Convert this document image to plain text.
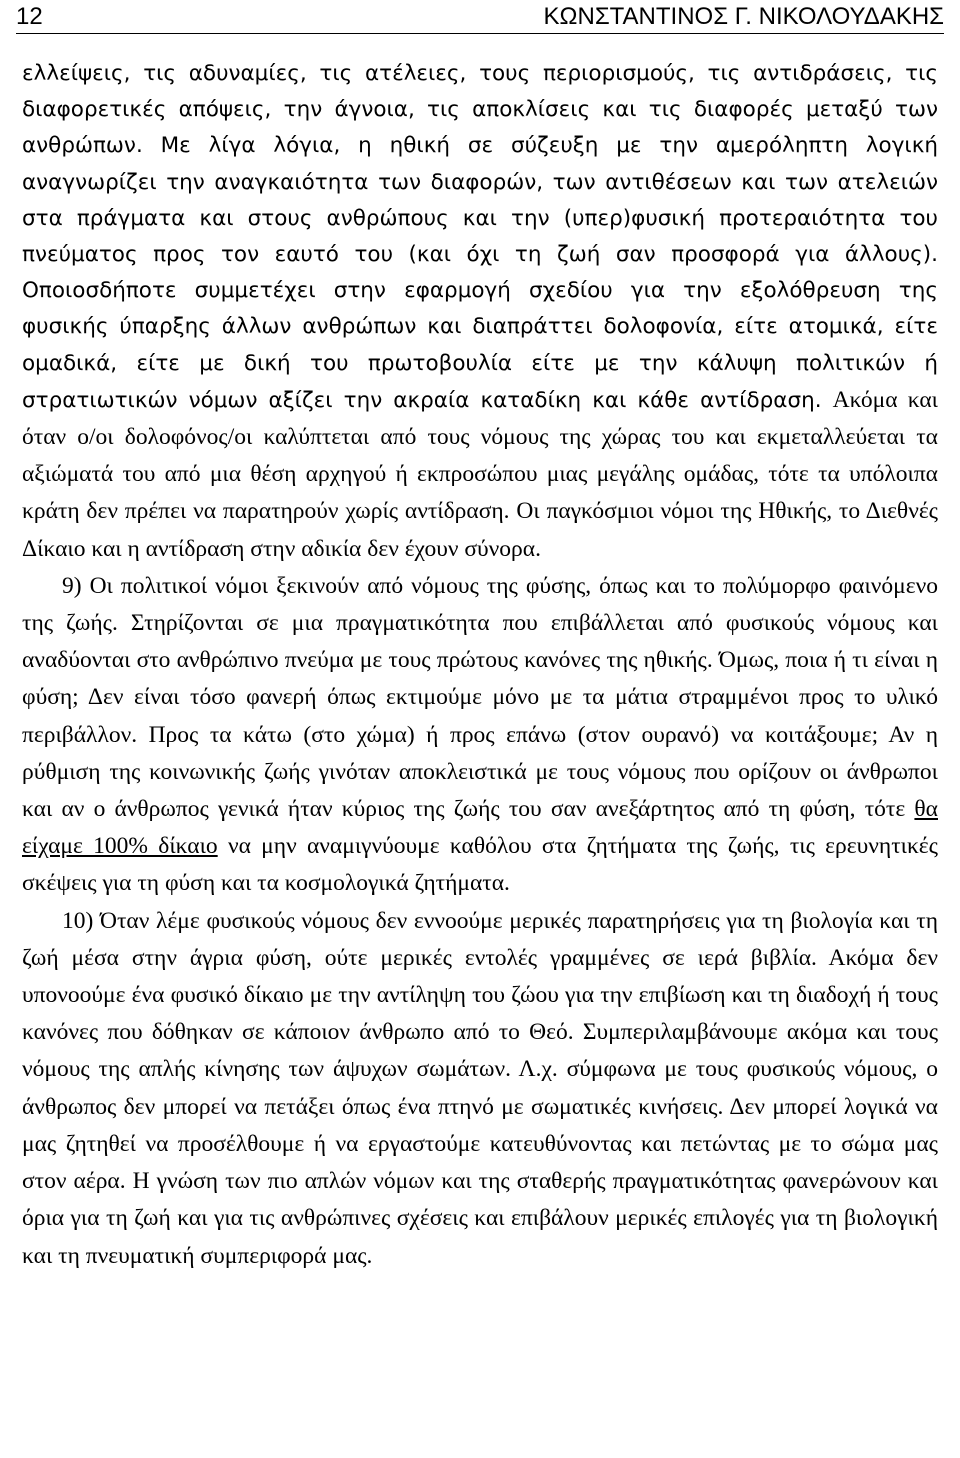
12	ΚΩΝΣΤΑΝΤΙΝΟΣ Γ. ΝΙΚΟΛΟΥΔΑΚΗΣ

ελλείψεις, τις αδυναμίες, τις ατέλειες, τους περιορισμούς, τις αντιδράσεις, τις διαφορετικές απόψεις, την άγνοια, τις αποκλίσεις και τις διαφορές μεταξύ των ανθρώπων. Με λίγα λόγια, η ηθική σε σύζευξη με την αμερόληπτη λογική αναγνωρίζει την αναγκαιότητα των διαφορών, των αντιθέσεων και των ατελειών στα πράγματα και στους ανθρώπους και την (υπερ)φυσική προτεραιότητα του πνεύματος προς τον εαυτό του (και όχι τη ζωή σαν προσφορά για άλλους). Οποιοσδήποτε συμμετέχει στην εφαρμογή σχεδίου για την εξολόθρευση της φυσικής ύπαρξης άλλων ανθρώπων και διαπράττει δολοφονία, είτε ατομικά, είτε ομαδικά, είτε με δική του πρωτοβουλία είτε με την κάλυψη πολιτικών ή στρατιωτικών νόμων αξίζει την ακραία καταδίκη και κάθε αντίδραση. Ακόμα και όταν ο/οι δολοφόνος/οι καλύπτεται από τους νόμους της χώρας του και εκμεταλλεύεται τα αξιώματά του από μια θέση αρχηγού ή εκπροσώπου μιας μεγάλης ομάδας, τότε τα υπόλοιπα κράτη δεν πρέπει να παρατηρούν χωρίς αντίδραση. Οι παγκόσμιοι νόμοι της Ηθικής, το Διεθνές Δίκαιο και η αντίδραση στην αδικία δεν έχουν σύνορα.

9) Οι πολιτικοί νόμοι ξεκινούν από νόμους της φύσης, όπως και το πολύμορφο φαινόμενο της ζωής. Στηρίζονται σε μια πραγματικότητα που επιβάλλεται από φυσικούς νόμους και αναδύονται στο ανθρώπινο πνεύμα με τους πρώτους κανόνες της ηθικής. Όμως, ποια ή τι είναι η φύση; Δεν είναι τόσο φανερή όπως εκτιμούμε μόνο με τα μάτια στραμμένοι προς το υλικό περιβάλλον. Προς τα κάτω (στο χώμα) ή προς επάνω (στον ουρανό) να κοιτάξουμε; Αν η ρύθμιση της κοινωνικής ζωής γινόταν αποκλειστικά με τους νόμους που ορίζουν οι άνθρωποι και αν ο άνθρωπος γενικά ήταν κύριος της ζωής του σαν ανεξάρτητος από τη φύση, τότε θα είχαμε 100% δίκαιο να μην αναμιγνύουμε καθόλου στα ζητήματα της ζωής, τις ερευνητικές σκέψεις για τη φύση και τα κοσμολογικά ζητήματα.

10) Όταν λέμε φυσικούς νόμους δεν εννοούμε μερικές παρατηρήσεις για τη βιολογία και τη ζωή μέσα στην άγρια φύση, ούτε μερικές εντολές γραμμένες σε ιερά βιβλία. Ακόμα δεν υπονοούμε ένα φυσικό δίκαιο με την αντίληψη του ζώου για την επιβίωση και τη διαδοχή ή τους κανόνες που δόθηκαν σε κάποιον άνθρωπο από το Θεό. Συμπεριλαμβάνουμε ακόμα και τους νόμους της απλής κίνησης των άψυχων σωμάτων. Λ.χ. σύμφωνα με τους φυσικούς νόμους, ο άνθρωπος δεν μπορεί να πετάξει όπως ένα πτηνό με σωματικές κινήσεις. Δεν μπορεί λογικά να μας ζητηθεί να προσέλθουμε ή να εργαστούμε κατευθύνοντας και πετώντας με το σώμα μας στον αέρα. Η γνώση των πιο απλών νόμων και της σταθερής πραγματικότητας φανερώνουν και όρια για τη ζωή και για τις ανθρώπινες σχέσεις και επιβάλουν μερικές επιλογές για τη βιολογική και τη πνευματική συμπεριφορά μας.
